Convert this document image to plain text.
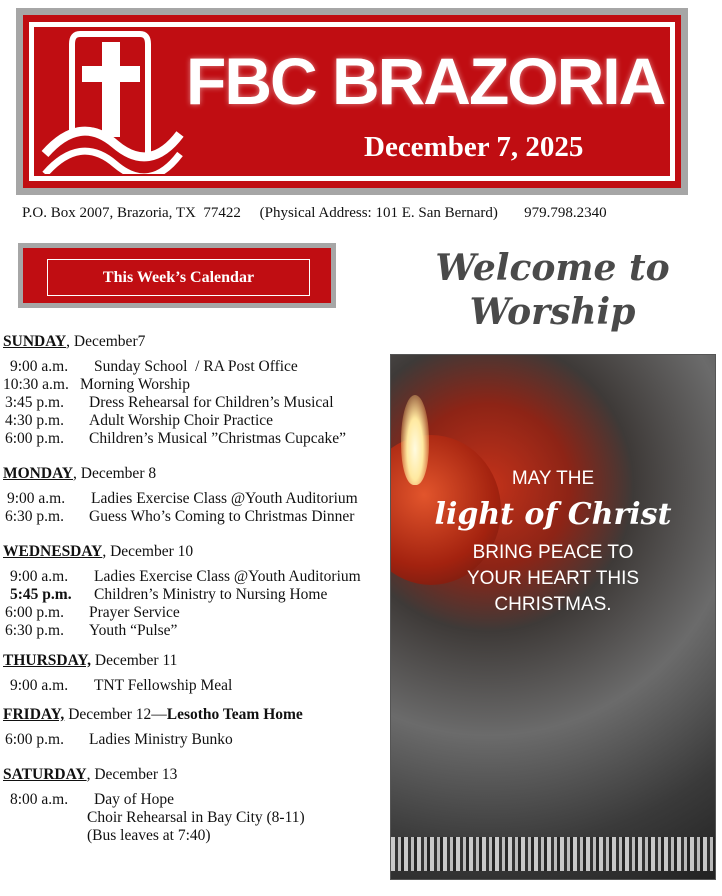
FBC BRAZORIA
December 7, 2025
P.O. Box 2007, Brazoria, TX  77422     (Physical Address: 101 E. San Bernard)       979.798.2340
This Week’s Calendar	Welcome to
Worship
SUNDAY, December7
9:00 a.m. Sunday School  / RA Post Office
10:30 a.m. Morning Worship
3:45 p.m. Dress Rehearsal for Children’s Musical
4:30 p.m. Adult Worship Choir Practice
6:00 p.m. Children’s Musical ”Christmas Cupcake”
MONDAY, December 8
9:00 a.m. Ladies Exercise Class @Youth Auditorium
6:30 p.m. Guess Who’s Coming to Christmas Dinner
WEDNESDAY, December 10
9:00 a.m. Ladies Exercise Class @Youth Auditorium
5:45 p.m. Children’s Ministry to Nursing Home
6:00 p.m. Prayer Service
6:30 p.m. Youth “Pulse”
THURSDAY, December 11
9:00 a.m. TNT Fellowship Meal
FRIDAY, December 12—Lesotho Team Home
6:00 p.m. Ladies Ministry Bunko
SATURDAY, December 13
8:00 a.m. Day of Hope
Choir Rehearsal in Bay City (8-11)
(Bus leaves at 7:40)
MAY THE
light of Christ
BRING PEACE TO
YOUR HEART THIS
CHRISTMAS.
